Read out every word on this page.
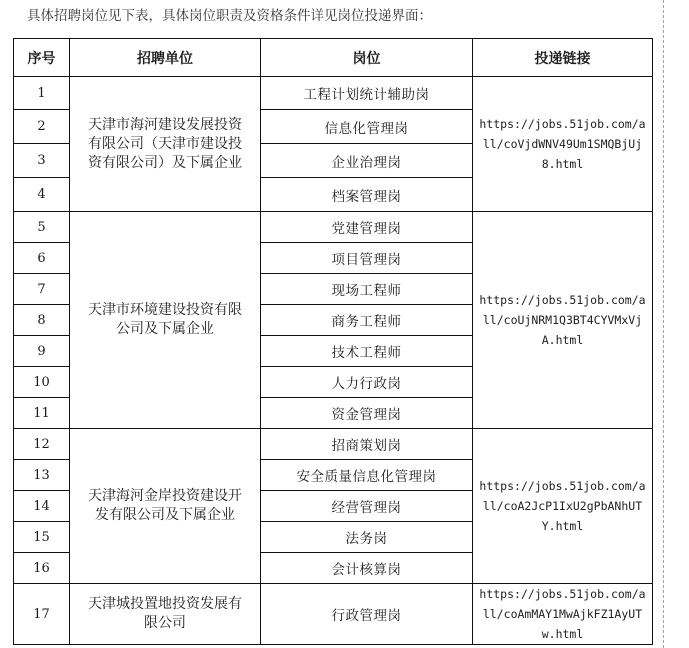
具体招聘岗位见下表，具体岗位职责及资格条件详见岗位投递界面：
序号	招聘单位	岗位	投递链接
1	天津市海河建设发展投资有限公司（天津市建设投资有限公司）及下属企业	工程计划统计辅助岗	https://jobs.51job.com/all/coVjdWNV49Um1SMQBjUj8.html
2		信息化管理岗	
3		企业治理岗	
4		档案管理岗	
5	天津市环境建设投资有限公司及下属企业	党建管理岗	https://jobs.51job.com/all/coUjNRM1Q3BT4CYVMxVjA.html
6		项目管理岗	
7		现场工程师	
8		商务工程师	
9		技术工程师	
10		人力行政岗	
11		资金管理岗	
12	天津海河金岸投资建设开发有限公司及下属企业	招商策划岗	https://jobs.51job.com/all/coA2JcP1IxU2gPbANhUTY.html
13		安全质量信息化管理岗	
14		经营管理岗	
15		法务岗	
16		会计核算岗	
17	天津城投置地投资发展有限公司	行政管理岗	https://jobs.51job.com/all/coAmMAY1MwAjkFZ1AyUTw.html
